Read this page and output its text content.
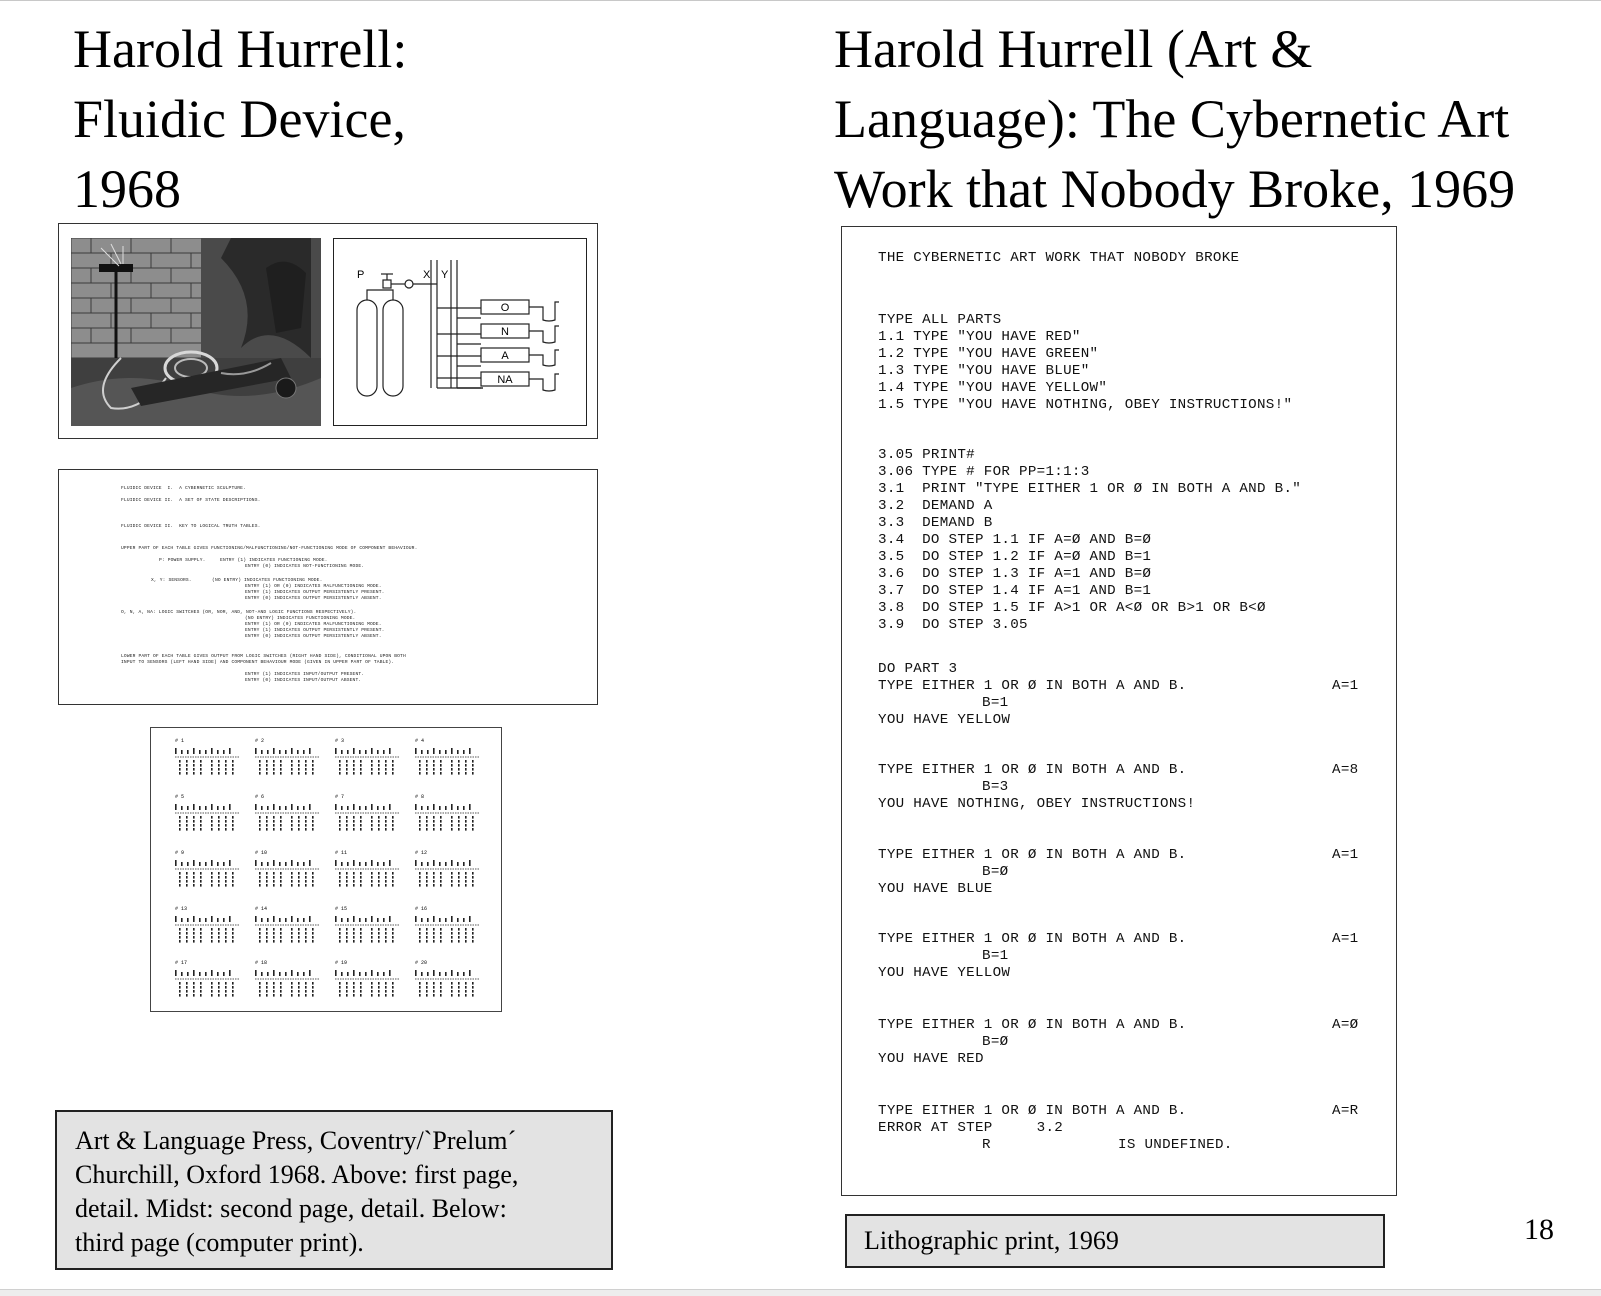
Harold Hurrell:
Fluidic Device,
1968
Harold Hurrell (Art &
Language): The Cybernetic Art
Work that Nobody Broke, 1969
P	X Y
O
N
A
NA
FLUIDIC DEVICE  I.  A CYBERNETIC SCULPTURE.
FLUIDIC DEVICE II.  A SET OF STATE DESCRIPTIONS.
FLUIDIC DEVICE II.  KEY TO LOGICAL TRUTH TABLES.
UPPER PART OF EACH TABLE GIVES FUNCTIONING/MALFUNCTIONING/NOT-FUNCTIONING MODE OF COMPONENT BEHAVIOUR.
P: POWER SUPPLY.     ENTRY (1) INDICATES FUNCTIONING MODE.
ENTRY (0) INDICATES NOT-FUNCTIONING MODE.
X, Y: SENSORS.       (NO ENTRY) INDICATES FUNCTIONING MODE.
ENTRY (1) OR (0) INDICATES MALFUNCTIONING MODE.
ENTRY (1) INDICATES OUTPUT PERSISTENTLY PRESENT.
ENTRY (0) INDICATES OUTPUT PERSISTENTLY ABSENT.
O, N, A, NA: LOGIC SWITCHES (OR, NOR, AND, NOT-AND LOGIC FUNCTIONS RESPECTIVELY).
(NO ENTRY) INDICATES FUNCTIONING MODE.
ENTRY (1) OR (0) INDICATES MALFUNCTIONING MODE.
ENTRY (1) INDICATES OUTPUT PERSISTENTLY PRESENT.
ENTRY (0) INDICATES OUTPUT PERSISTENTLY ABSENT.
LOWER PART OF EACH TABLE GIVES OUTPUT FROM LOGIC SWITCHES (RIGHT HAND SIDE), CONDITIONAL UPON BOTH
INPUT TO SENSORS (LEFT HAND SIDE) AND COMPONENT BEHAVIOUR MODE (GIVEN IN UPPER PART OF TABLE).
ENTRY (1) INDICATES INPUT/OUTPUT PRESENT.
ENTRY (0) INDICATES INPUT/OUTPUT ABSENT.
# 1	# 2	# 3	# 4
# 5	# 6	# 7	# 8
# 9	# 10	# 11	# 12
# 13	# 14	# 15	# 16
# 17	# 18	# 19	# 20
Art & Language Press, Coventry/`Prelum´
Churchill, Oxford 1968. Above: first page,
detail. Midst: second page, detail. Below:
third page (computer print).
THE CYBERNETIC ART WORK THAT NOBODY BROKE
TYPE ALL PARTS
1.1 TYPE "YOU HAVE RED"
1.2 TYPE "YOU HAVE GREEN"
1.3 TYPE "YOU HAVE BLUE"
1.4 TYPE "YOU HAVE YELLOW"
1.5 TYPE "YOU HAVE NOTHING, OBEY INSTRUCTIONS!"
3.05 PRINT#
3.06 TYPE # FOR PP=1:1:3
3.1  PRINT "TYPE EITHER 1 OR Ø IN BOTH A AND B."
3.2  DEMAND A
3.3  DEMAND B
3.4  DO STEP 1.1 IF A=Ø AND B=Ø
3.5  DO STEP 1.2 IF A=Ø AND B=1
3.6  DO STEP 1.3 IF A=1 AND B=Ø
3.7  DO STEP 1.4 IF A=1 AND B=1
3.8  DO STEP 1.5 IF A>1 OR A<Ø OR B>1 OR B<Ø
3.9  DO STEP 3.05
DO PART 3
TYPE EITHER 1 OR Ø IN BOTH A AND B.	A=1
B=1
YOU HAVE YELLOW
TYPE EITHER 1 OR Ø IN BOTH A AND B.	A=8
B=3
YOU HAVE NOTHING, OBEY INSTRUCTIONS!
TYPE EITHER 1 OR Ø IN BOTH A AND B.	A=1
B=Ø
YOU HAVE BLUE
TYPE EITHER 1 OR Ø IN BOTH A AND B.	A=1
B=1
YOU HAVE YELLOW
TYPE EITHER 1 OR Ø IN BOTH A AND B.	A=Ø
B=Ø
YOU HAVE RED
TYPE EITHER 1 OR Ø IN BOTH A AND B.	A=R
ERROR AT STEP     3.2
R	IS UNDEFINED.
Lithographic print, 1969	18
